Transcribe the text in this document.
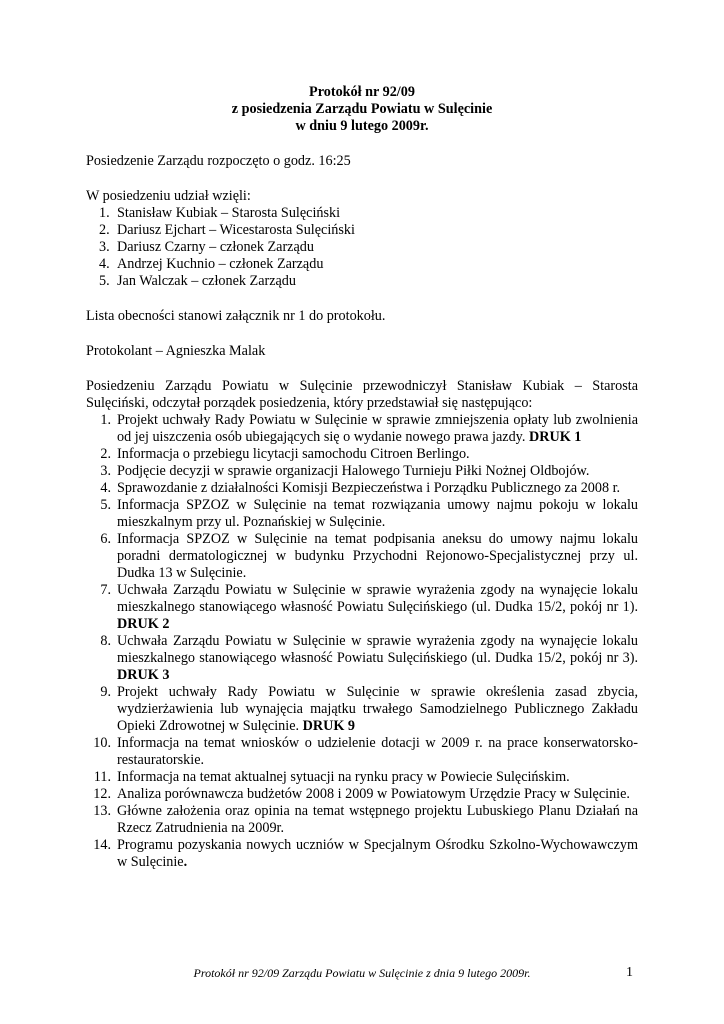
Protokół nr 92/09

z posiedzenia Zarządu Powiatu w Sulęcinie

w dniu 9 lutego 2009r.

Posiedzenie Zarządu rozpoczęto o godz. 16:25

W posiedzeniu udział wzięli:

1. Stanisław Kubiak – Starosta Sulęciński
2. Dariusz Ejchart – Wicestarosta Sulęciński
3. Dariusz Czarny – członek Zarządu
4. Andrzej Kuchnio – członek Zarządu
5. Jan Walczak – członek Zarządu

Lista obecności stanowi załącznik nr 1 do protokołu.

Protokolant – Agnieszka Malak

Posiedzeniu Zarządu Powiatu w Sulęcinie przewodniczył Stanisław Kubiak – Starosta Sulęciński, odczytał porządek posiedzenia, który przedstawiał się następująco:

1. Projekt uchwały Rady Powiatu w Sulęcinie w sprawie zmniejszenia opłaty lub zwolnienia od jej uiszczenia osób ubiegających się o wydanie nowego prawa jazdy. DRUK 1
2. Informacja o przebiegu licytacji samochodu Citroen Berlingo.
3. Podjęcie decyzji w sprawie organizacji Halowego Turnieju Piłki Nożnej Oldbojów.
4. Sprawozdanie z działalności Komisji Bezpieczeństwa i Porządku Publicznego za 2008 r.
5. Informacja SPZOZ w Sulęcinie na temat rozwiązania umowy najmu pokoju w lokalu mieszkalnym przy ul. Poznańskiej w Sulęcinie.
6. Informacja SPZOZ w Sulęcinie na temat podpisania aneksu do umowy najmu lokalu poradni dermatologicznej w budynku Przychodni Rejonowo-Specjalistycznej przy ul. Dudka 13 w Sulęcinie.
7. Uchwała Zarządu Powiatu w Sulęcinie w sprawie wyrażenia zgody na wynajęcie lokalu mieszkalnego stanowiącego własność Powiatu Sulęcińskiego (ul. Dudka 15/2, pokój nr 1). DRUK 2
8. Uchwała Zarządu Powiatu w Sulęcinie w sprawie wyrażenia zgody na wynajęcie lokalu mieszkalnego stanowiącego własność Powiatu Sulęcińskiego (ul. Dudka 15/2, pokój nr 3). DRUK 3
9. Projekt uchwały Rady Powiatu w Sulęcinie w sprawie określenia zasad zbycia, wydzierżawienia lub wynajęcia majątku trwałego Samodzielnego Publicznego Zakładu Opieki Zdrowotnej w Sulęcinie. DRUK 9
10. Informacja na temat wniosków o udzielenie dotacji w 2009 r. na prace konserwatorsko-restauratorskie.
11. Informacja na temat aktualnej sytuacji na rynku pracy w Powiecie Sulęcińskim.
12. Analiza porównawcza budżetów 2008 i 2009 w Powiatowym Urzędzie Pracy w Sulęcinie.
13. Główne założenia oraz opinia na temat wstępnego projektu Lubuskiego Planu Działań na Rzecz Zatrudnienia na 2009r.
14. Programu pozyskania nowych uczniów w Specjalnym Ośrodku Szkolno-Wychowawczym w Sulęcinie.
Protokół nr 92/09 Zarządu Powiatu w Sulęcinie z dnia 9 lutego 2009r.	1
